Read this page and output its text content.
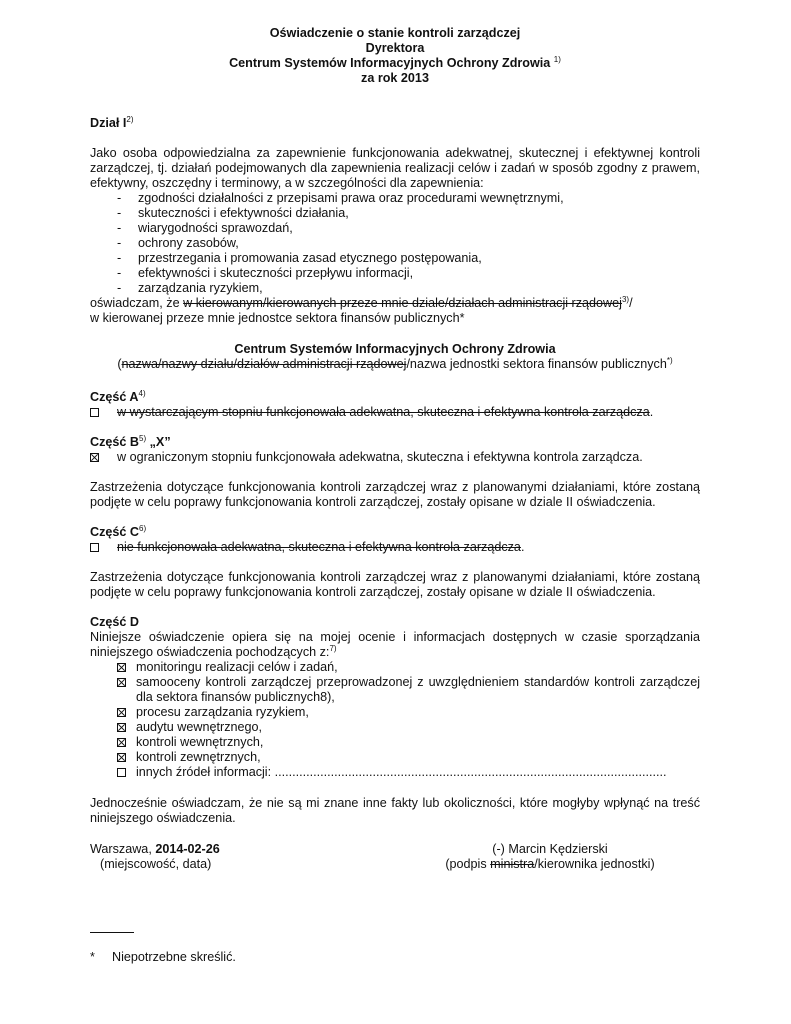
Oświadczenie o stanie kontroli zarządczej
Dyrektora
Centrum Systemów Informacyjnych Ochrony Zdrowia $^{1)}$
za rok 2013
Dział $I^{2)}$
Jako osoba odpowiedzialna za zapewnienie funkcjonowania adekwatnej, skutecznej i efektywnej kontroli zarządczej, tj. działań podejmowanych dla zapewnienia realizacji celów i zadań w sposób zgodny z prawem, efektywny, oszczędny i terminowy, a w szczególności dla zapewnienia:
- zgodności działalności z przepisami prawa oraz procedurami wewnętrznymi,
- skuteczności i efektywności działania,
- wiarygodności sprawozdań,
- ochrony zasobów,
- przestrzegania i promowania zasad etycznego postępowania,
- efektywności i skuteczności przepływu informacji,
- zarządzania ryzykiem,
oświadczam, że w kierowanym/kierowanych przeze mnie dziale/działach administracji rządowej$^{3)}$/
w kierowanej przeze mnie jednostce sektora finansów publicznych*
Centrum Systemów Informacyjnych Ochrony Zdrowia
(nazwa/nazwy działu/działów administracji rządowej/nazwa jednostki sektora finansów publicznych*)
Część $A^{4)}$
w wystarczającym stopniu funkcjonowała adekwatna, skuteczna i efektywna kontrola zarządcza.
Część $B^{5)}$ „X”
w ograniczonym stopniu funkcjonowała adekwatna, skuteczna i efektywna kontrola zarządcza.
Zastrzeżenia dotyczące funkcjonowania kontroli zarządczej wraz z planowanymi działaniami, które zostaną podjęte w celu poprawy funkcjonowania kontroli zarządczej, zostały opisane w dziale II oświadczenia.
Część $C^{6)}$
nie funkcjonowała adekwatna, skuteczna i efektywna kontrola zarządcza.
Zastrzeżenia dotyczące funkcjonowania kontroli zarządczej wraz z planowanymi działaniami, które zostaną podjęte w celu poprawy funkcjonowania kontroli zarządczej, zostały opisane w dziale II oświadczenia.
Część D
Niniejsze oświadczenie opiera się na mojej ocenie i informacjach dostępnych w czasie sporządzania niniejszego oświadczenia pochodzących z:$^{7)}$
monitoringu realizacji celów i zadań,
samooceny kontroli zarządczej przeprowadzonej z uwzględnieniem standardów kontroli zarządczej dla sektora finansów publicznych8),
procesu zarządzania ryzykiem,
audytu wewnętrznego,
kontroli wewnętrznych,
kontroli zewnętrznych,
innych źródeł informacji: ................................................................................................................
Jednocześnie oświadczam, że nie są mi znane inne fakty lub okoliczności, które mogłyby wpłynąć na treść niniejszego oświadczenia.
Warszawa, 2014-02-26
(miejscowość, data)
(-) Marcin Kędzierski
(podpis ministra/kierownika jednostki)
* Niepotrzebne skreślić.
